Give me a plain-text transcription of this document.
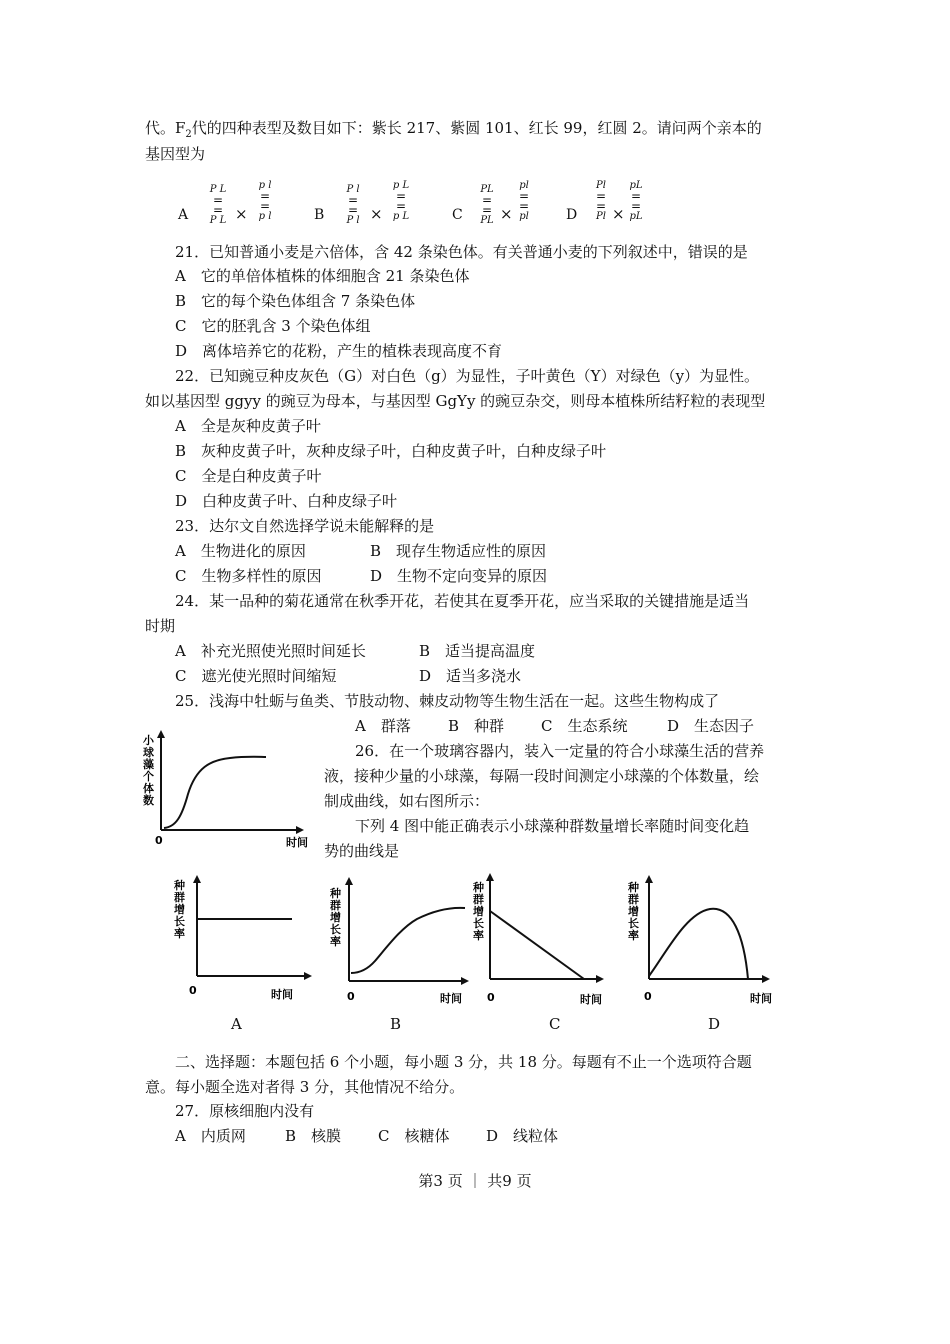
代。$F_2$代的四种表型及数目如下：紫长 217、紫圆 101、红长 99，红圆 2。请问两个亲本的
基因型为
A
P L
=
=
P L ×
p l
=
=
p l	B
P l
=
=
P l ×
p L
=
=
p L	C
PL
=
=
PL ×
pl
=
=
pl	D
Pl
=
=
Pl ×
pL
=
=
pL
21．已知普通小麦是六倍体，含 42 条染色体。有关普通小麦的下列叙述中，错误的是
A　它的单倍体植株的体细胞含 21 条染色体
B　它的每个染色体组含 7 条染色体
C　它的胚乳含 3 个染色体组
D　离体培养它的花粉，产生的植株表现高度不育
22．已知豌豆种皮灰色（G）对白色（g）为显性，子叶黄色（Y）对绿色（y）为显性。
如以基因型 ggyy 的豌豆为母本，与基因型 GgYy 的豌豆杂交，则母本植株所结籽粒的表现型
A　全是灰种皮黄子叶
B　灰种皮黄子叶，灰种皮绿子叶，白种皮黄子叶，白种皮绿子叶
C　全是白种皮黄子叶
D　白种皮黄子叶、白种皮绿子叶
23．达尔文自然选择学说未能解释的是
A　生物进化的原因	B　现存生物适应性的原因
C　生物多样性的原因	D　生物不定向变异的原因
24．某一品种的菊花通常在秋季开花，若使其在夏季开花，应当采取的关键措施是适当
时期
A　补充光照使光照时间延长	B　适当提高温度
C　遮光使光照时间缩短	D　适当多浇水
25．浅海中牡蛎与鱼类、节肢动物、棘皮动物等生物生活在一起。这些生物构成了
A　群落 B　种群 C　生态系统	D　生态因子
26．在一个玻璃容器内，装入一定量的符合小球藻生活的营养
液，接种少量的小球藻，每隔一段时间测定小球藻的个体数量，绘
制成曲线，如右图所示：
下列 4 图中能正确表示小球藻种群数量增长率随时间变化趋
势的曲线是
小
球
藻
个
体
数
0	时间
种
群
增
长
率
0	时间
种
群
增
长
率
0	时间
种
群
增
长
率
0	时间
种
群
增
长
率
0	时间
A	B	C	D
二、选择题：本题包括 6 个小题，每小题 3 分，共 18 分。每题有不止一个选项符合题
意。每小题全选对者得 3 分，其他情况不给分。
27．原核细胞内没有
A　内质网	B　核膜 C　核糖体 D　线粒体
第3 页 ｜ 共9 页
